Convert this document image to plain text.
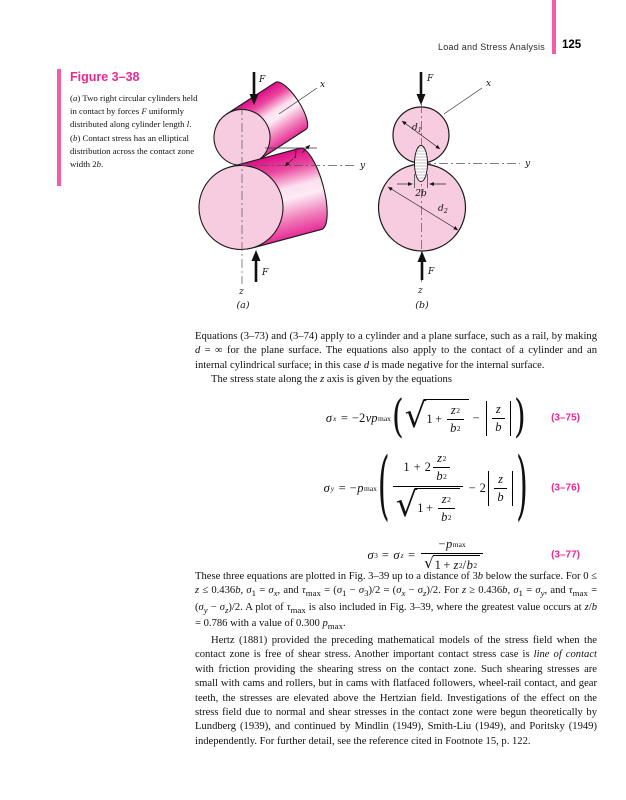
Load and Stress Analysis 125
Figure 3–38
(a) Two right circular cylinders held in contact by forces F uniformly distributed along cylinder length l. (b) Contact stress has an elliptical distribution across the contact zone width 2b.
F	x
l
y
F
z
(a)
F	x
$d_1$
y
2b
$d_2$
F
z
(b)

Equations (3–73) and (3–74) apply to a cylinder and a plane surface, such as a rail, by making d = ∞ for the plane surface. The equations also apply to the contact of a cylinder and an internal cylindrical surface; in this case d is made negative for the internal surface.

The stress state along the z axis is given by the equations

σ x = −2 νp max ( √ $1 + \frac{z 2}{b 2} - \frac{z}{b}$ )	(3–75)
σ y = − p max ( $\frac{1 + 2 \frac{z 2}{b 2}}{√ 1 + \frac{z 2}{b 2}} - 2 \frac{z}{b}$ ) (3–76)
σ 3 = σ $z = \frac{\text{− p max}}{√ 1 + z 2 / b 2}$	(3–77)

These three equations are plotted in Fig. 3–39 up to a distance of 3b below the surface. For 0 ≤ z ≤ 0.436b, $\sigma_1 = \sigma_x$, and $\tau_{max} = (\sigma_1 - \sigma_3)/2 = (\sigma_x - \sigma_z)/2$. For z ≥ 0.436b, $\sigma_1 = \sigma_y$, and $\tau_{max} = (\sigma_y - \sigma_z)/2$. A plot of $\tau_{max}$ is also included in Fig. 3–39, where the greatest value occurs at z/b = 0.786 with a value of 0.300 $p_{max}$.

Hertz (1881) provided the preceding mathematical models of the stress field when the contact zone is free of shear stress. Another important contact stress case is line of contact with friction providing the shearing stress on the contact zone. Such shearing stresses are small with cams and rollers, but in cams with flatfaced followers, wheel-rail contact, and gear teeth, the stresses are elevated above the Hertzian field. Investigations of the effect on the stress field due to normal and shear stresses in the contact zone were begun theoretically by Lundberg (1939), and continued by Mindlin (1949), Smith-Liu (1949), and Poritsky (1949) independently. For further detail, see the reference cited in Footnote 15, p. 122.
